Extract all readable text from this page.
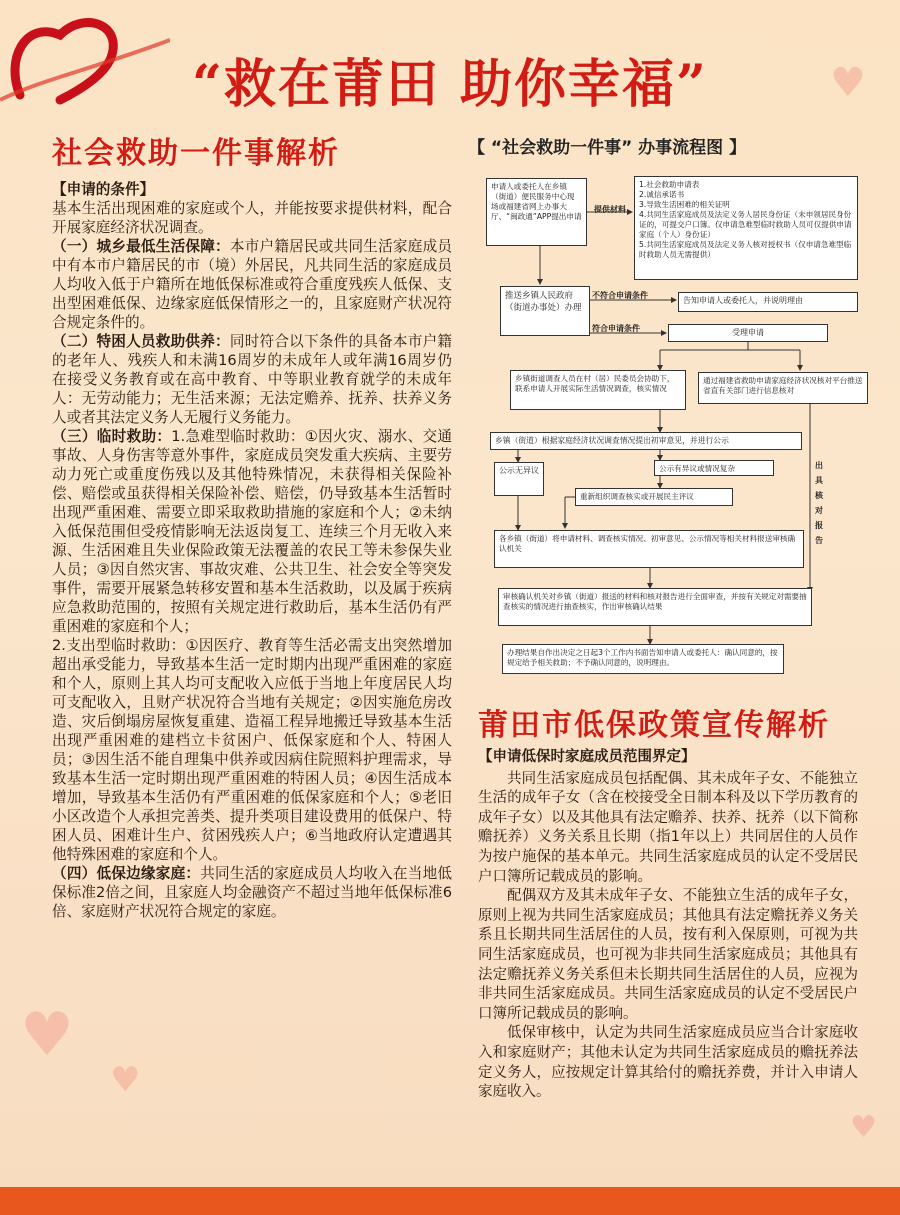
♥
♥
♥
♥
“救在莆田 助你幸福”
社会救助一件事解析

【申请的条件】

基本生活出现困难的家庭或个人，并能按要求提供材料，配合开展家庭经济状况调查。

（一）城乡最低生活保障：本市户籍居民或共同生活家庭成员中有本市户籍居民的市（境）外居民，凡共同生活的家庭成员人均收入低于户籍所在地低保标准或符合重度残疾人低保、支出型困难低保、边缘家庭低保情形之一的，且家庭财产状况符合规定条件的。

（二）特困人员救助供养：同时符合以下条件的具备本市户籍的老年人、残疾人和未满16周岁的未成年人或年满16周岁仍在接受义务教育或在高中教育、中等职业教育就学的未成年人：无劳动能力；无生活来源；无法定赡养、抚养、扶养义务人或者其法定义务人无履行义务能力。

（三）临时救助：1.急难型临时救助：①因火灾、溺水、交通事故、人身伤害等意外事件，家庭成员突发重大疾病、主要劳动力死亡或重度伤残以及其他特殊情况，未获得相关保险补偿、赔偿或虽获得相关保险补偿、赔偿，仍导致基本生活暂时出现严重困难、需要立即采取救助措施的家庭和个人；②未纳入低保范围但受疫情影响无法返岗复工、连续三个月无收入来源、生活困难且失业保险政策无法覆盖的农民工等未参保失业人员；③因自然灾害、事故灾难、公共卫生、社会安全等突发事件，需要开展紧急转移安置和基本生活救助，以及属于疾病应急救助范围的，按照有关规定进行救助后，基本生活仍有严重困难的家庭和个人；

2.支出型临时救助：①因医疗、教育等生活必需支出突然增加超出承受能力，导致基本生活一定时期内出现严重困难的家庭和个人，原则上其人均可支配收入应低于当地上年度居民人均可支配收入，且财产状况符合当地有关规定；②因实施危房改造、灾后倒塌房屋恢复重建、造福工程异地搬迁导致基本生活出现严重困难的建档立卡贫困户、低保家庭和个人、特困人员；③因生活不能自理集中供养或因病住院照料护理需求，导致基本生活一定时期出现严重困难的特困人员；④因生活成本增加，导致基本生活仍有严重困难的低保家庭和个人；⑤老旧小区改造个人承担完善类、提升类项目建设费用的低保户、特困人员、困难计生户、贫困残疾人户；⑥当地政府认定遭遇其他特殊困难的家庭和个人。

（四）低保边缘家庭：共同生活的家庭成员人均收入在当地低保标准2倍之间，且家庭人均金融资产不超过当地年低保标准6倍、家庭财产状况符合规定的家庭。

【 “社会救助一件事” 办事流程图 】
申请人或委托人在乡镇（街道）便民服务中心现场或福建省网上办事大厅、“闽政通”APP提出申请
提供材料
1.社会救助申请表
2.诚信承诺书
3.导致生活困难的相关证明
4.共同生活家庭成员及法定义务人居民身份证（未申领居民身份证的，可提交户口簿。仅申请急难型临时救助人员可仅提供申请家庭（个人）身份证）
5.共同生活家庭成员及法定义务人核对授权书（仅申请急难型临时救助人员无需提供）
推送乡镇人民政府（街道办事处）办理
不符合申请条件
告知申请人或委托人，并说明理由
符合申请条件	受理申请
乡镇街道调查人员在村（居）民委员会协助下，联系申请人开展实际生活情况调查，核实情况
通过福建省救助申请家庭经济状况核对平台推送省直有关部门进行信息核对
出具核对报告
乡镇（街道）根据家庭经济状况调查情况提出初审意见，并进行公示
公示无异议	公示有异议或情况复杂
重新组织调查核实或开展民主评议
各乡镇（街道）将申请材料、调查核实情况、初审意见、公示情况等相关材料报送审核确认机关
审核确认机关对乡镇（街道）报送的材料和核对报告进行全面审查，并按有关规定对需要抽查核实的情况进行抽查核实，作出审核确认结果
办理结果自作出决定之日起3个工作内书面告知申请人或委托人：确认同意的，按规定给予相关救助；不予确认同意的，说明理由。
莆田市低保政策宣传解析

【申请低保时家庭成员范围界定】

共同生活家庭成员包括配偶、其未成年子女、不能独立生活的成年子女（含在校接受全日制本科及以下学历教育的成年子女）以及其他具有法定赡养、扶养、抚养（以下简称赡抚养）义务关系且长期（指1年以上）共同居住的人员作为按户施保的基本单元。共同生活家庭成员的认定不受居民户口簿所记载成员的影响。

配偶双方及其未成年子女、不能独立生活的成年子女，原则上视为共同生活家庭成员；其他具有法定赡抚养义务关系且长期共同生活居住的人员，按有利入保原则，可视为共同生活家庭成员，也可视为非共同生活家庭成员；其他具有法定赡抚养义务关系但未长期共同生活居住的人员，应视为非共同生活家庭成员。共同生活家庭成员的认定不受居民户口簿所记载成员的影响。

低保审核中，认定为共同生活家庭成员应当合计家庭收入和家庭财产；其他未认定为共同生活家庭成员的赡抚养法定义务人，应按规定计算其给付的赡抚养费，并计入申请人家庭收入。
